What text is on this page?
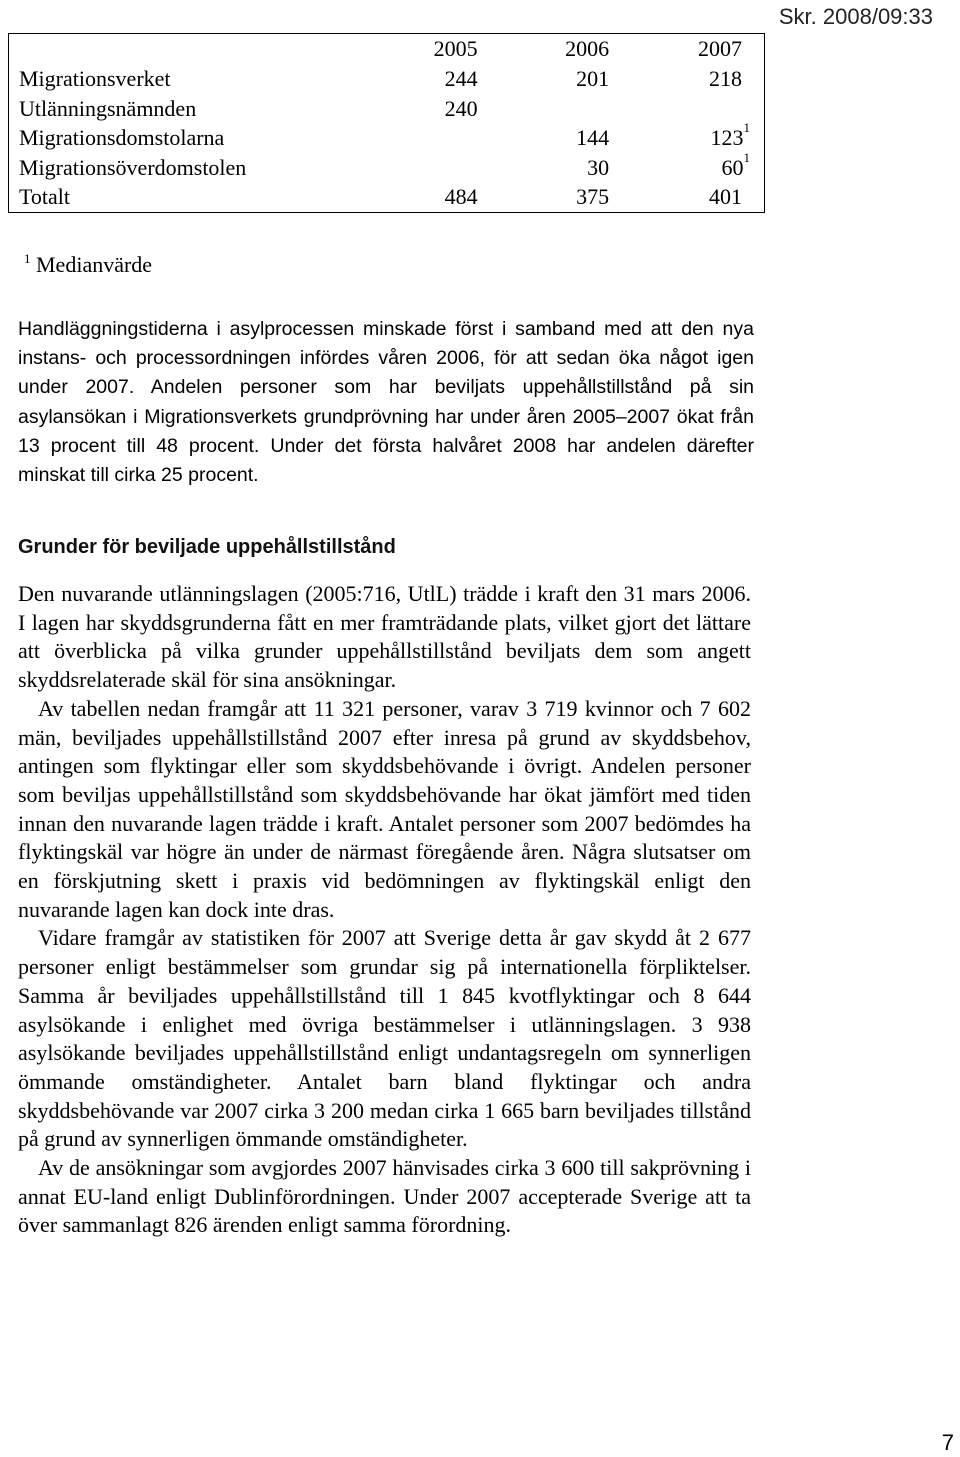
Skr. 2008/09:33
	2005	2006	2007
Migrationsverket	244	201	218
Utlänningsnämnden	240		
Migrationsdomstolarna		144	$123^1$
Migrationsöverdomstolen		30	$60^1$
Totalt	484	375	401
$^1$ Medianvärde

Handläggningstiderna i asylprocessen minskade först i samband med att den nya instans- och processordningen infördes våren 2006, för att sedan öka något igen under 2007. Andelen personer som har beviljats uppehållstillstånd på sin asylansökan i Migrationsverkets grundprövning har under åren 2005–2007 ökat från 13 procent till 48 procent. Under det första halvåret 2008 har andelen därefter minskat till cirka 25 procent.

Grunder för beviljade uppehållstillstånd

Den nuvarande utlänningslagen (2005:716, UtlL) trädde i kraft den 31 mars 2006. I lagen har skyddsgrunderna fått en mer framträdande plats, vilket gjort det lättare att överblicka på vilka grunder uppehållstillstånd beviljats dem som angett skyddsrelaterade skäl för sina ansökningar.

Av tabellen nedan framgår att 11 321 personer, varav 3 719 kvinnor och 7 602 män, beviljades uppehållstillstånd 2007 efter inresa på grund av skyddsbehov, antingen som flyktingar eller som skyddsbehövande i övrigt. Andelen personer som beviljas uppehållstillstånd som skyddsbehövande har ökat jämfört med tiden innan den nuvarande lagen trädde i kraft. Antalet personer som 2007 bedömdes ha flyktingskäl var högre än under de närmast föregående åren. Några slutsatser om en förskjutning skett i praxis vid bedömningen av flyktingskäl enligt den nuvarande lagen kan dock inte dras.

Vidare framgår av statistiken för 2007 att Sverige detta år gav skydd åt 2 677 personer enligt bestämmelser som grundar sig på internationella förpliktelser. Samma år beviljades uppehållstillstånd till 1 845 kvotflyktingar och 8 644 asylsökande i enlighet med övriga bestämmelser i utlänningslagen. 3 938 asylsökande beviljades uppehållstillstånd enligt undantagsregeln om synnerligen ömmande omständigheter. Antalet barn bland flyktingar och andra skyddsbehövande var 2007 cirka 3 200 medan cirka 1 665 barn beviljades tillstånd på grund av synnerligen ömmande omständigheter.

Av de ansökningar som avgjordes 2007 hänvisades cirka 3 600 till sakprövning i annat EU-land enligt Dublinförordningen. Under 2007 accepterade Sverige att ta över sammanlagt 826 ärenden enligt samma förordning.

7
